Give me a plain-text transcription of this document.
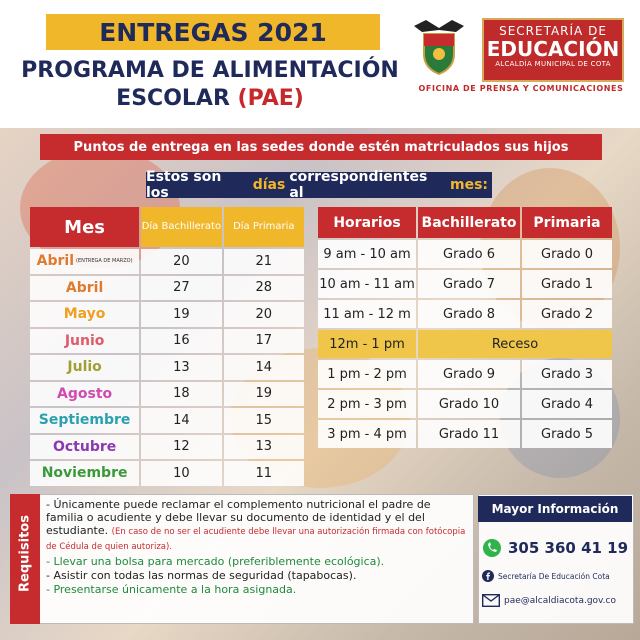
ENTREGAS 2021
PROGRAMA DE ALIMENTACIÓN
ESCOLAR (PAE)
SECRETARÍA DE
EDUCACIÓN
ALCALDÍA MUNICIPAL DE COTA
OFICINA DE PRENSA Y COMUNICACIONES
Puntos de entrega en las sedes donde estén matriculados sus hijos
Estos son los	días correspondientes al	mes:
Mes	Día Bachillerato	Día Primaria
Abril (ENTREGA DE MARZO)	20	21
Abril	27	28
Mayo	19	20
Junio	16	17
Julio	13	14
Agosto	18	19
Septiembre	14	15
Octubre	12	13
Noviembre	10	11
Horarios	Bachillerato	Primaria
9 am - 10 am	Grado 6	Grado 0
10 am - 11 am	Grado 7	Grado 1
11 am - 12 m	Grado 8	Grado 2
12m - 1 pm	Receso
1 pm - 2 pm	Grado 9	Grado 3
2 pm - 3 pm	Grado 10	Grado 4
3 pm - 4 pm	Grado 11	Grado 5
Requisitos

- Únicamente puede reclamar el complemento nutricional el padre de familia o acudiente y debe llevar su documento de identidad y el del estudiante. (En caso de no ser el acudiente debe llevar una autorización firmada con fotócopia de Cédula de quien autoriza).

- Llevar una bolsa para mercado (preferiblemente ecológica).

- Asistir con todas las normas de seguridad (tapabocas).

- Presentarse únicamente a la hora asignada.

Mayor Información
305 360 41 19
Secretaría De Educación Cota
pae@alcaldiacota.gov.co
